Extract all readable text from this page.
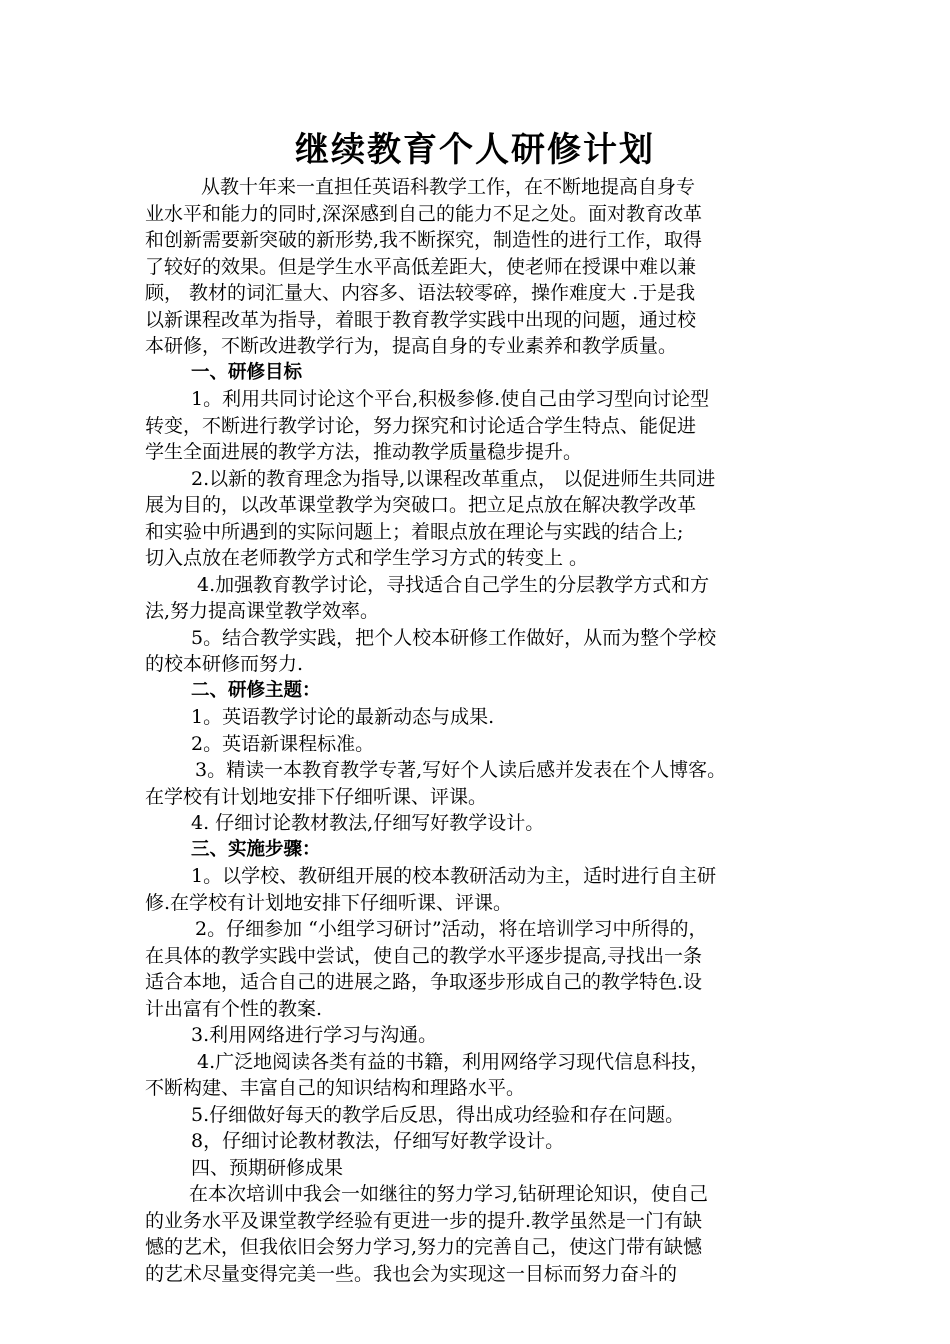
继续教育个人研修计划
从教十年来一直担任英语科教学工作，在不断地提高自身专
业水平和能力的同时,深深感到自己的能力不足之处。面对教育改革
和创新需要新突破的新形势,我不断探究，制造性的进行工作，取得
了较好的效果。但是学生水平高低差距大，使老师在授课中难以兼
顾， 教材的词汇量大、内容多、语法较零碎，操作难度大 .于是我
以新课程改革为指导，着眼于教育教学实践中出现的问题，通过校
本研修，不断改进教学行为，提高自身的专业素养和教学质量。
一、研修目标
1。利用共同讨论这个平台,积极参修.使自己由学习型向讨论型
转变，不断进行教学讨论，努力探究和讨论适合学生特点、能促进
学生全面进展的教学方法，推动教学质量稳步提升。
2.以新的教育理念为指导,以课程改革重点， 以促进师生共同进
展为目的，以改革课堂教学为突破口。把立足点放在解决教学改革
和实验中所遇到的实际问题上；着眼点放在理论与实践的结合上;
切入点放在老师教学方式和学生学习方式的转变上 。
4.加强教育教学讨论，寻找适合自己学生的分层教学方式和方
法,努力提高课堂教学效率。
5。结合教学实践，把个人校本研修工作做好，从而为整个学校
的校本研修而努力.
二、研修主题：
1。英语教学讨论的最新动态与成果.
2。英语新课程标准。
3。精读一本教育教学专著,写好个人读后感并发表在个人博客。
在学校有计划地安排下仔细听课、评课。
4. 仔细讨论教材教法,仔细写好教学设计。
三、实施步骤：
1。以学校、教研组开展的校本教研活动为主，适时进行自主研
修.在学校有计划地安排下仔细听课、评课。
2。仔细参加 “小组学习研讨”活动，将在培训学习中所得的，
在具体的教学实践中尝试，使自己的教学水平逐步提高,寻找出一条
适合本地，适合自己的进展之路，争取逐步形成自己的教学特色.设
计出富有个性的教案.
3.利用网络进行学习与沟通。
4.广泛地阅读各类有益的书籍，利用网络学习现代信息科技，
不断构建、丰富自己的知识结构和理路水平。
5.仔细做好每天的教学后反思，得出成功经验和存在问题。
8，仔细讨论教材教法，仔细写好教学设计。
四、预期研修成果
在本次培训中我会一如继往的努力学习,钻研理论知识，使自己
的业务水平及课堂教学经验有更进一步的提升.教学虽然是一门有缺
憾的艺术，但我依旧会努力学习,努力的完善自己，使这门带有缺憾
的艺术尽量变得完美一些。我也会为实现这一目标而努力奋斗的
